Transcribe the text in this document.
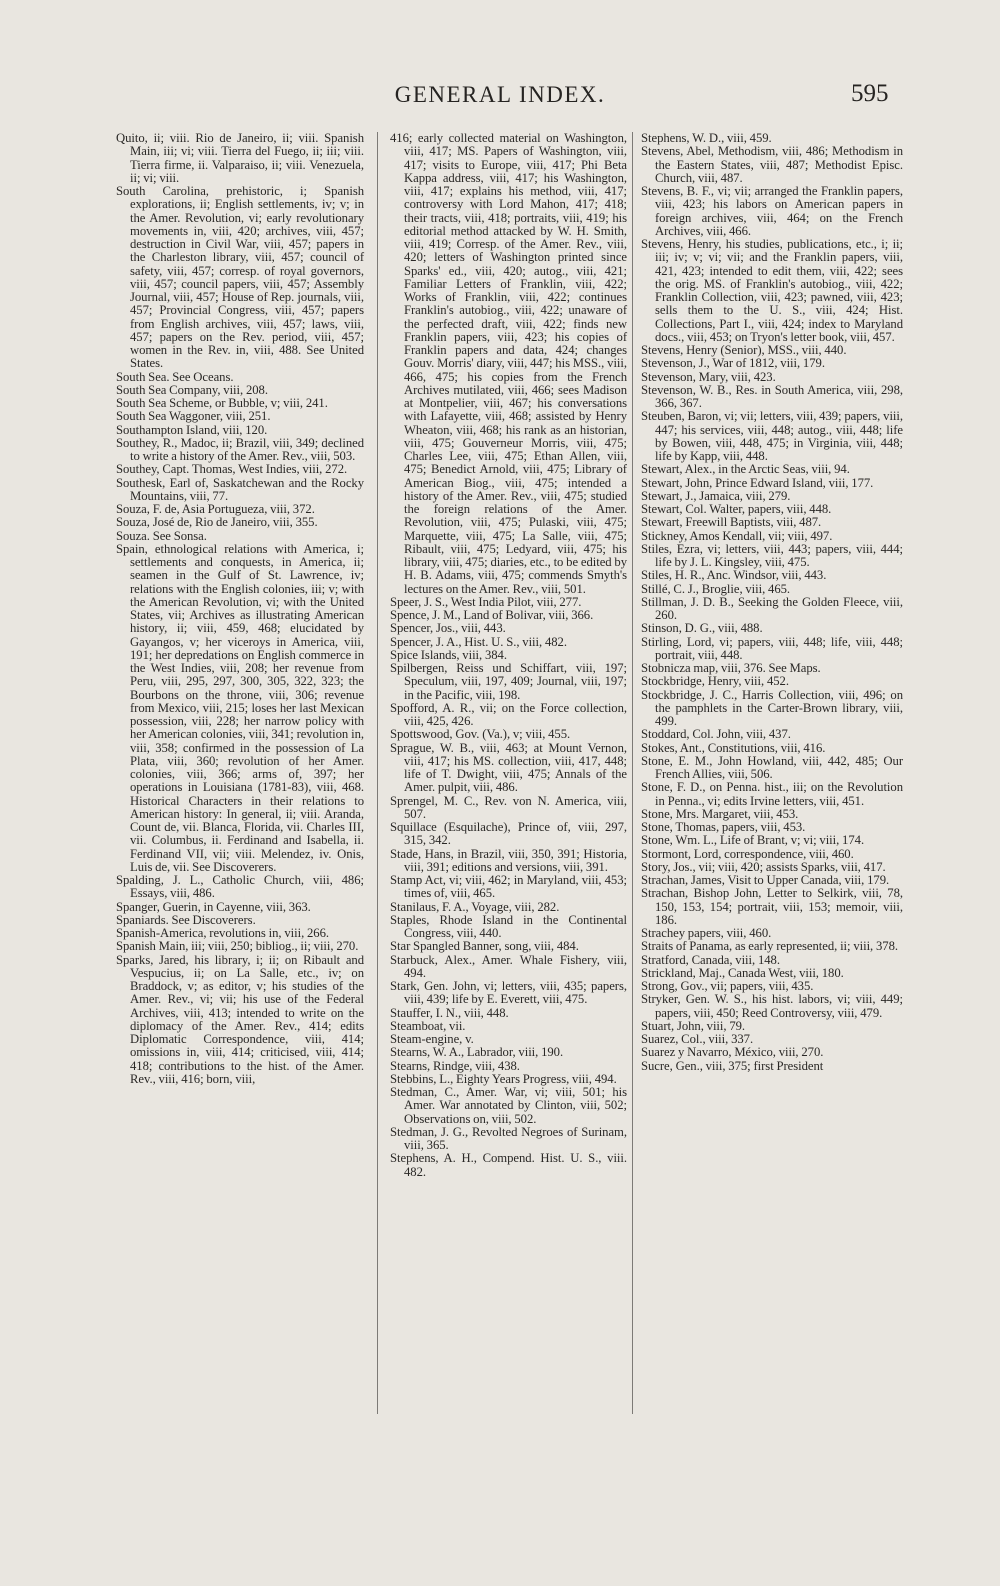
GENERAL INDEX.	595

Quito, ii; viii. Rio de Janeiro, ii; viii. Spanish Main, iii; vi; viii. Tierra del Fuego, ii; iii; viii. Tierra firme, ii. Valparaiso, ii; viii. Venezuela, ii; vi; viii.

South Carolina, prehistoric, i; Spanish explorations, ii; English settlements, iv; v; in the Amer. Revolution, vi; early revolutionary movements in, viii, 420; archives, viii, 457; destruction in Civil War, viii, 457; papers in the Charleston library, viii, 457; council of safety, viii, 457; corresp. of royal governors, viii, 457; council papers, viii, 457; Assembly Journal, viii, 457; House of Rep. journals, viii, 457; Provincial Congress, viii, 457; papers from English archives, viii, 457; laws, viii, 457; papers on the Rev. period, viii, 457; women in the Rev. in, viii, 488. See United States.

South Sea. See Oceans.

South Sea Company, viii, 208.

South Sea Scheme, or Bubble, v; viii, 241.

South Sea Waggoner, viii, 251.

Southampton Island, viii, 120.

Southey, R., Madoc, ii; Brazil, viii, 349; declined to write a history of the Amer. Rev., viii, 503.

Southey, Capt. Thomas, West Indies, viii, 272.

Southesk, Earl of, Saskatchewan and the Rocky Mountains, viii, 77.

Souza, F. de, Asia Portugueza, viii, 372.

Souza, José de, Rio de Janeiro, viii, 355.

Souza. See Sonsa.

Spain, ethnological relations with America, i; settlements and conquests, in America, ii; seamen in the Gulf of St. Lawrence, iv; relations with the English colonies, iii; v; with the American Revolution, vi; with the United States, vii; Archives as illustrating American history, ii; viii, 459, 468; elucidated by Gayangos, v; her viceroys in America, viii, 191; her depredations on English commerce in the West Indies, viii, 208; her revenue from Peru, viii, 295, 297, 300, 305, 322, 323; the Bourbons on the throne, viii, 306; revenue from Mexico, viii, 215; loses her last Mexican possession, viii, 228; her narrow policy with her American colonies, viii, 341; revolution in, viii, 358; confirmed in the possession of La Plata, viii, 360; revolution of her Amer. colonies, viii, 366; arms of, 397; her operations in Louisiana (1781-83), viii, 468. Historical Characters in their relations to American history: In general, ii; viii. Aranda, Count de, vii. Blanca, Florida, vii. Charles III, vii. Columbus, ii. Ferdinand and Isabella, ii. Ferdinand VII, vii; viii. Melendez, iv. Onis, Luis de, vii. See Discoverers.

Spalding, J. L., Catholic Church, viii, 486; Essays, viii, 486.

Spanger, Guerin, in Cayenne, viii, 363.

Spaniards. See Discoverers.

Spanish-America, revolutions in, viii, 266.

Spanish Main, iii; viii, 250; bibliog., ii; viii, 270.

Sparks, Jared, his library, i; ii; on Ribault and Vespucius, ii; on La Salle, etc., iv; on Braddock, v; as editor, v; his studies of the Amer. Rev., vi; vii; his use of the Federal Archives, viii, 413; intended to write on the diplomacy of the Amer. Rev., 414; edits Diplomatic Correspondence, viii, 414; omissions in, viii, 414; criticised, viii, 414; 418; contributions to the hist. of the Amer. Rev., viii, 416; born, viii,

416; early collected material on Washington, viii, 417; MS. Papers of Washington, viii, 417; visits to Europe, viii, 417; Phi Beta Kappa address, viii, 417; his Washington, viii, 417; explains his method, viii, 417; controversy with Lord Mahon, 417; 418; their tracts, viii, 418; portraits, viii, 419; his editorial method attacked by W. H. Smith, viii, 419; Corresp. of the Amer. Rev., viii, 420; letters of Washington printed since Sparks' ed., viii, 420; autog., viii, 421; Familiar Letters of Franklin, viii, 422; Works of Franklin, viii, 422; continues Franklin's autobiog., viii, 422; unaware of the perfected draft, viii, 422; finds new Franklin papers, viii, 423; his copies of Franklin papers and data, 424; changes Gouv. Morris' diary, viii, 447; his MSS., viii, 466, 475; his copies from the French Archives mutilated, viii, 466; sees Madison at Montpelier, viii, 467; his conversations with Lafayette, viii, 468; assisted by Henry Wheaton, viii, 468; his rank as an historian, viii, 475; Gouverneur Morris, viii, 475; Charles Lee, viii, 475; Ethan Allen, viii, 475; Benedict Arnold, viii, 475; Library of American Biog., viii, 475; intended a history of the Amer. Rev., viii, 475; studied the foreign relations of the Amer. Revolution, viii, 475; Pulaski, viii, 475; Marquette, viii, 475; La Salle, viii, 475; Ribault, viii, 475; Ledyard, viii, 475; his library, viii, 475; diaries, etc., to be edited by H. B. Adams, viii, 475; commends Smyth's lectures on the Amer. Rev., viii, 501.

Speer, J. S., West India Pilot, viii, 277.

Spence, J. M., Land of Bolivar, viii, 366.

Spencer, Jos., viii, 443.

Spencer, J. A., Hist. U. S., viii, 482.

Spice Islands, viii, 384.

Spilbergen, Reiss und Schiffart, viii, 197; Speculum, viii, 197, 409; Journal, viii, 197; in the Pacific, viii, 198.

Spofford, A. R., vii; on the Force collection, viii, 425, 426.

Spottswood, Gov. (Va.), v; viii, 455.

Sprague, W. B., viii, 463; at Mount Vernon, viii, 417; his MS. collection, viii, 417, 448; life of T. Dwight, viii, 475; Annals of the Amer. pulpit, viii, 486.

Sprengel, M. C., Rev. von N. America, viii, 507.

Squillace (Esquilache), Prince of, viii, 297, 315, 342.

Stade, Hans, in Brazil, viii, 350, 391; Historia, viii, 391; editions and versions, viii, 391.

Stamp Act, vi; viii, 462; in Maryland, viii, 453; times of, viii, 465.

Stanilaus, F. A., Voyage, viii, 282.

Staples, Rhode Island in the Continental Congress, viii, 440.

Star Spangled Banner, song, viii, 484.

Starbuck, Alex., Amer. Whale Fishery, viii, 494.

Stark, Gen. John, vi; letters, viii, 435; papers, viii, 439; life by E. Everett, viii, 475.

Stauffer, I. N., viii, 448.

Steamboat, vii.

Steam-engine, v.

Stearns, W. A., Labrador, viii, 190.

Stearns, Rindge, viii, 438.

Stebbins, L., Eighty Years Progress, viii, 494.

Stedman, C., Amer. War, vi; viii, 501; his Amer. War annotated by Clinton, viii, 502; Observations on, viii, 502.

Stedman, J. G., Revolted Negroes of Surinam, viii, 365.

Stephens, A. H., Compend. Hist. U. S., viii. 482.

Stephens, W. D., viii, 459.

Stevens, Abel, Methodism, viii, 486; Methodism in the Eastern States, viii, 487; Methodist Episc. Church, viii, 487.

Stevens, B. F., vi; vii; arranged the Franklin papers, viii, 423; his labors on American papers in foreign archives, viii, 464; on the French Archives, viii, 466.

Stevens, Henry, his studies, publications, etc., i; ii; iii; iv; v; vi; vii; and the Franklin papers, viii, 421, 423; intended to edit them, viii, 422; sees the orig. MS. of Franklin's autobiog., viii, 422; Franklin Collection, viii, 423; pawned, viii, 423; sells them to the U. S., viii, 424; Hist. Collections, Part I., viii, 424; index to Maryland docs., viii, 453; on Tryon's letter book, viii, 457.

Stevens, Henry (Senior), MSS., viii, 440.

Stevenson, J., War of 1812, viii, 179.

Stevenson, Mary, viii, 423.

Stevenson, W. B., Res. in South America, viii, 298, 366, 367.

Steuben, Baron, vi; vii; letters, viii, 439; papers, viii, 447; his services, viii, 448; autog., viii, 448; life by Bowen, viii, 448, 475; in Virginia, viii, 448; life by Kapp, viii, 448.

Stewart, Alex., in the Arctic Seas, viii, 94.

Stewart, John, Prince Edward Island, viii, 177.

Stewart, J., Jamaica, viii, 279.

Stewart, Col. Walter, papers, viii, 448.

Stewart, Freewill Baptists, viii, 487.

Stickney, Amos Kendall, vii; viii, 497.

Stiles, Ezra, vi; letters, viii, 443; papers, viii, 444; life by J. L. Kingsley, viii, 475.

Stiles, H. R., Anc. Windsor, viii, 443.

Stillé, C. J., Broglie, viii, 465.

Stillman, J. D. B., Seeking the Golden Fleece, viii, 260.

Stinson, D. G., viii, 488.

Stirling, Lord, vi; papers, viii, 448; life, viii, 448; portrait, viii, 448.

Stobnicza map, viii, 376. See Maps.

Stockbridge, Henry, viii, 452.

Stockbridge, J. C., Harris Collection, viii, 496; on the pamphlets in the Carter-Brown library, viii, 499.

Stoddard, Col. John, viii, 437.

Stokes, Ant., Constitutions, viii, 416.

Stone, E. M., John Howland, viii, 442, 485; Our French Allies, viii, 506.

Stone, F. D., on Penna. hist., iii; on the Revolution in Penna., vi; edits Irvine letters, viii, 451.

Stone, Mrs. Margaret, viii, 453.

Stone, Thomas, papers, viii, 453.

Stone, Wm. L., Life of Brant, v; vi; viii, 174.

Stormont, Lord, correspondence, viii, 460.

Story, Jos., vii; viii, 420; assists Sparks, viii, 417.

Strachan, James, Visit to Upper Canada, viii, 179.

Strachan, Bishop John, Letter to Selkirk, viii, 78, 150, 153, 154; portrait, viii, 153; memoir, viii, 186.

Strachey papers, viii, 460.

Straits of Panama, as early represented, ii; viii, 378.

Stratford, Canada, viii, 148.

Strickland, Maj., Canada West, viii, 180.

Strong, Gov., vii; papers, viii, 435.

Stryker, Gen. W. S., his hist. labors, vi; viii, 449; papers, viii, 450; Reed Controversy, viii, 479.

Stuart, John, viii, 79.

Suarez, Col., viii, 337.

Suarez y Navarro, México, viii, 270.

Sucre, Gen., viii, 375; first President
